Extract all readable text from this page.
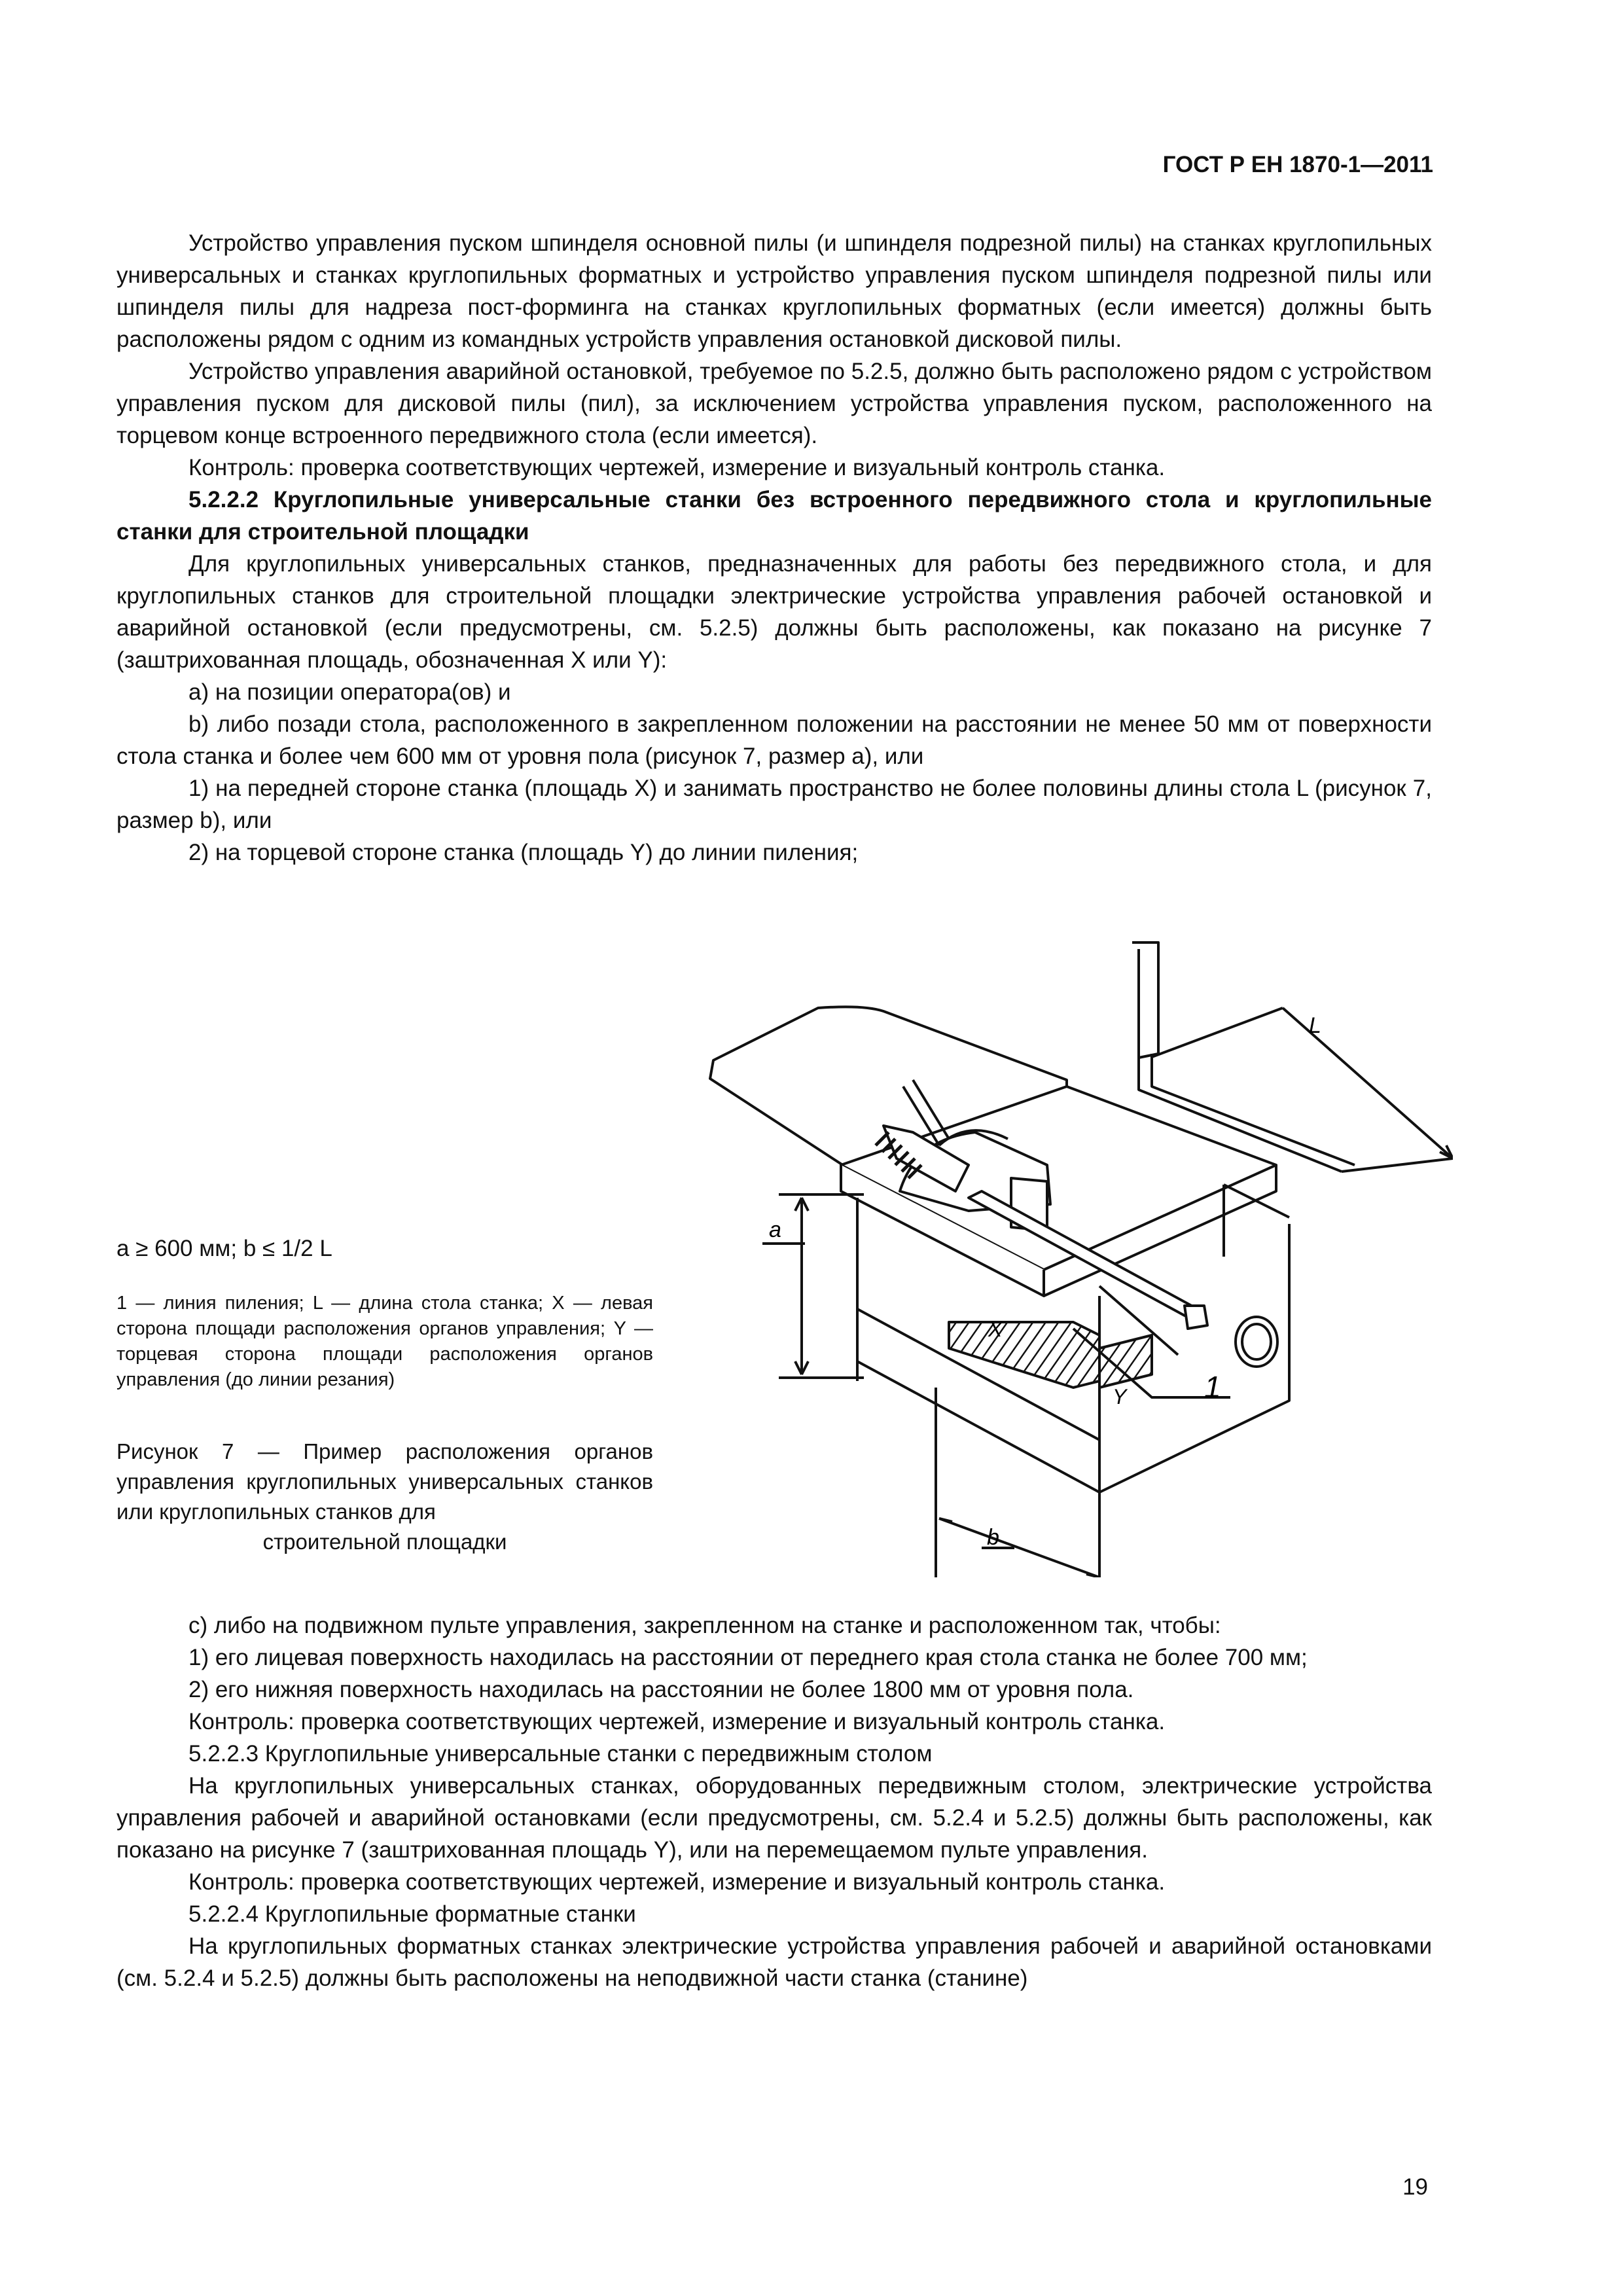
ГОСТ Р ЕН 1870-1—2011

Устройство управления пуском шпинделя основной пилы (и шпинделя подрезной пилы) на станках круглопильных универсальных и станках круглопильных форматных и устройство управления пуском шпинделя подрезной пилы или шпинделя пилы для надреза пост-форминга на станках круглопильных форматных (если имеется) должны быть расположены рядом с одним из командных устройств управления остановкой дисковой пилы.

Устройство управления аварийной остановкой, требуемое по 5.2.5, должно быть расположено рядом с устройством управления пуском для дисковой пилы (пил), за исключением устройства управления пуском, расположенного на торцевом конце встроенного передвижного стола (если имеется).

Контроль: проверка соответствующих чертежей, измерение и визуальный контроль станка.

5.2.2.2 Круглопильные универсальные станки без встроенного передвижного стола и круглопильные станки для строительной площадки

Для круглопильных универсальных станков, предназначенных для работы без передвижного стола, и для круглопильных станков для строительной площадки электрические устройства управления рабочей остановкой и аварийной остановкой (если предусмотрены, см. 5.2.5) должны быть расположены, как показано на рисунке 7 (заштрихованная площадь, обозначенная X или Y):

a) на позиции оператора(ов) и

b) либо позади стола, расположенного в закрепленном положении на расстоянии не менее 50 мм от поверхности стола станка и более чем 600 мм от уровня пола (рисунок 7, размер a), или

1) на передней стороне станка (площадь X) и занимать пространство не более половины длины стола L (рисунок 7, размер b), или

2) на торцевой стороне станка (площадь Y) до линии пиления;

a ≥ 600 мм; b ≤ 1/2 L
1 — линия пиления; L — длина стола станка; X — левая сторона площади расположения органов управления; Y — торцевая сторона площади расположения органов управления (до линии резания)
Рисунок 7 — Пример расположения органов управления круглопильных универсальных станков или круглопильных станков для
строительной площадки
L
a
b
X
Y	1

c) либо на подвижном пульте управления, закрепленном на станке и расположенном так, чтобы:

1) его лицевая поверхность находилась на расстоянии от переднего края стола станка не более 700 мм;

2) его нижняя поверхность находилась на расстоянии не более 1800 мм от уровня пола.

Контроль: проверка соответствующих чертежей, измерение и визуальный контроль станка.

5.2.2.3 Круглопильные универсальные станки с передвижным столом

На круглопильных универсальных станках, оборудованных передвижным столом, электрические устройства управления рабочей и аварийной остановками (если предусмотрены, см. 5.2.4 и 5.2.5) должны быть расположены, как показано на рисунке 7 (заштрихованная площадь Y), или на перемещаемом пульте управления.

Контроль: проверка соответствующих чертежей, измерение и визуальный контроль станка.

5.2.2.4 Круглопильные форматные станки

На круглопильных форматных станках электрические устройства управления рабочей и аварийной остановками (см. 5.2.4 и 5.2.5) должны быть расположены на неподвижной части станка (станине)

19
